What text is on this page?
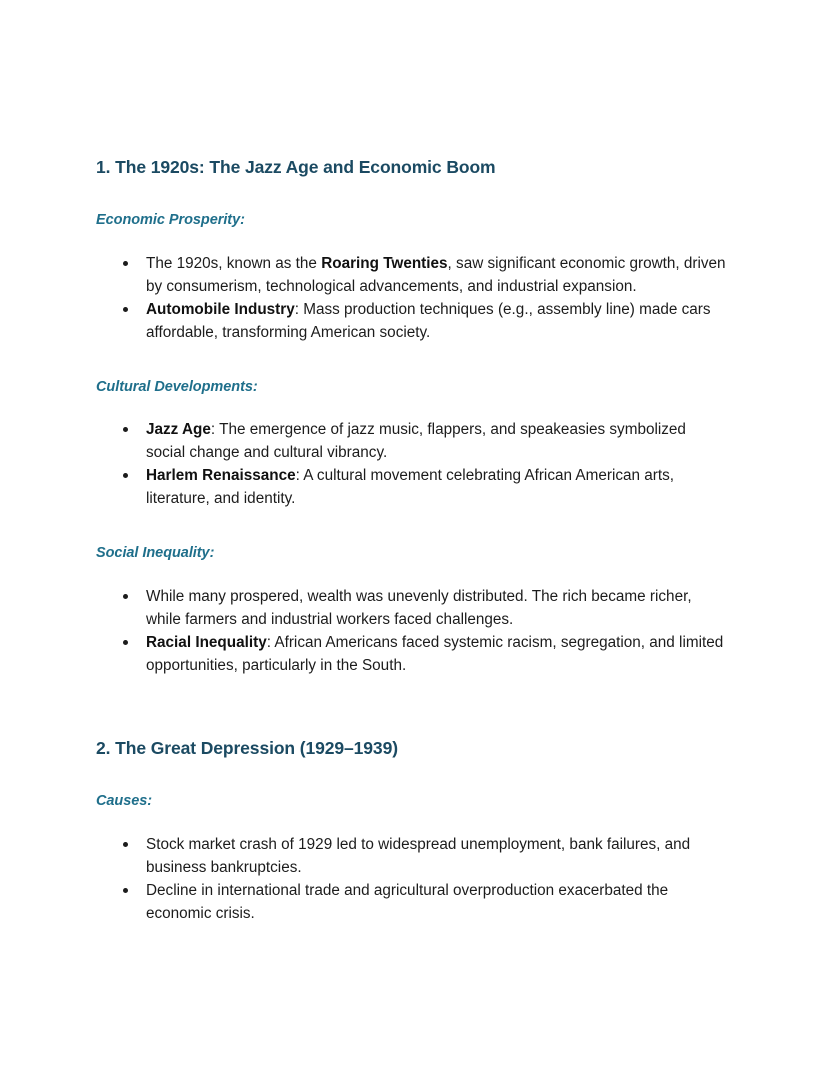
1. The 1920s: The Jazz Age and Economic Boom

Economic Prosperity:

The 1920s, known as the Roaring Twenties, saw significant economic growth, driven by consumerism, technological advancements, and industrial expansion.
Automobile Industry: Mass production techniques (e.g., assembly line) made cars affordable, transforming American society.

Cultural Developments:

Jazz Age: The emergence of jazz music, flappers, and speakeasies symbolized social change and cultural vibrancy.
Harlem Renaissance: A cultural movement celebrating African American arts, literature, and identity.

Social Inequality:

While many prospered, wealth was unevenly distributed. The rich became richer, while farmers and industrial workers faced challenges.
Racial Inequality: African Americans faced systemic racism, segregation, and limited opportunities, particularly in the South.
2. The Great Depression (1929–1939)

Causes:

Stock market crash of 1929 led to widespread unemployment, bank failures, and business bankruptcies.
Decline in international trade and agricultural overproduction exacerbated the economic crisis.
